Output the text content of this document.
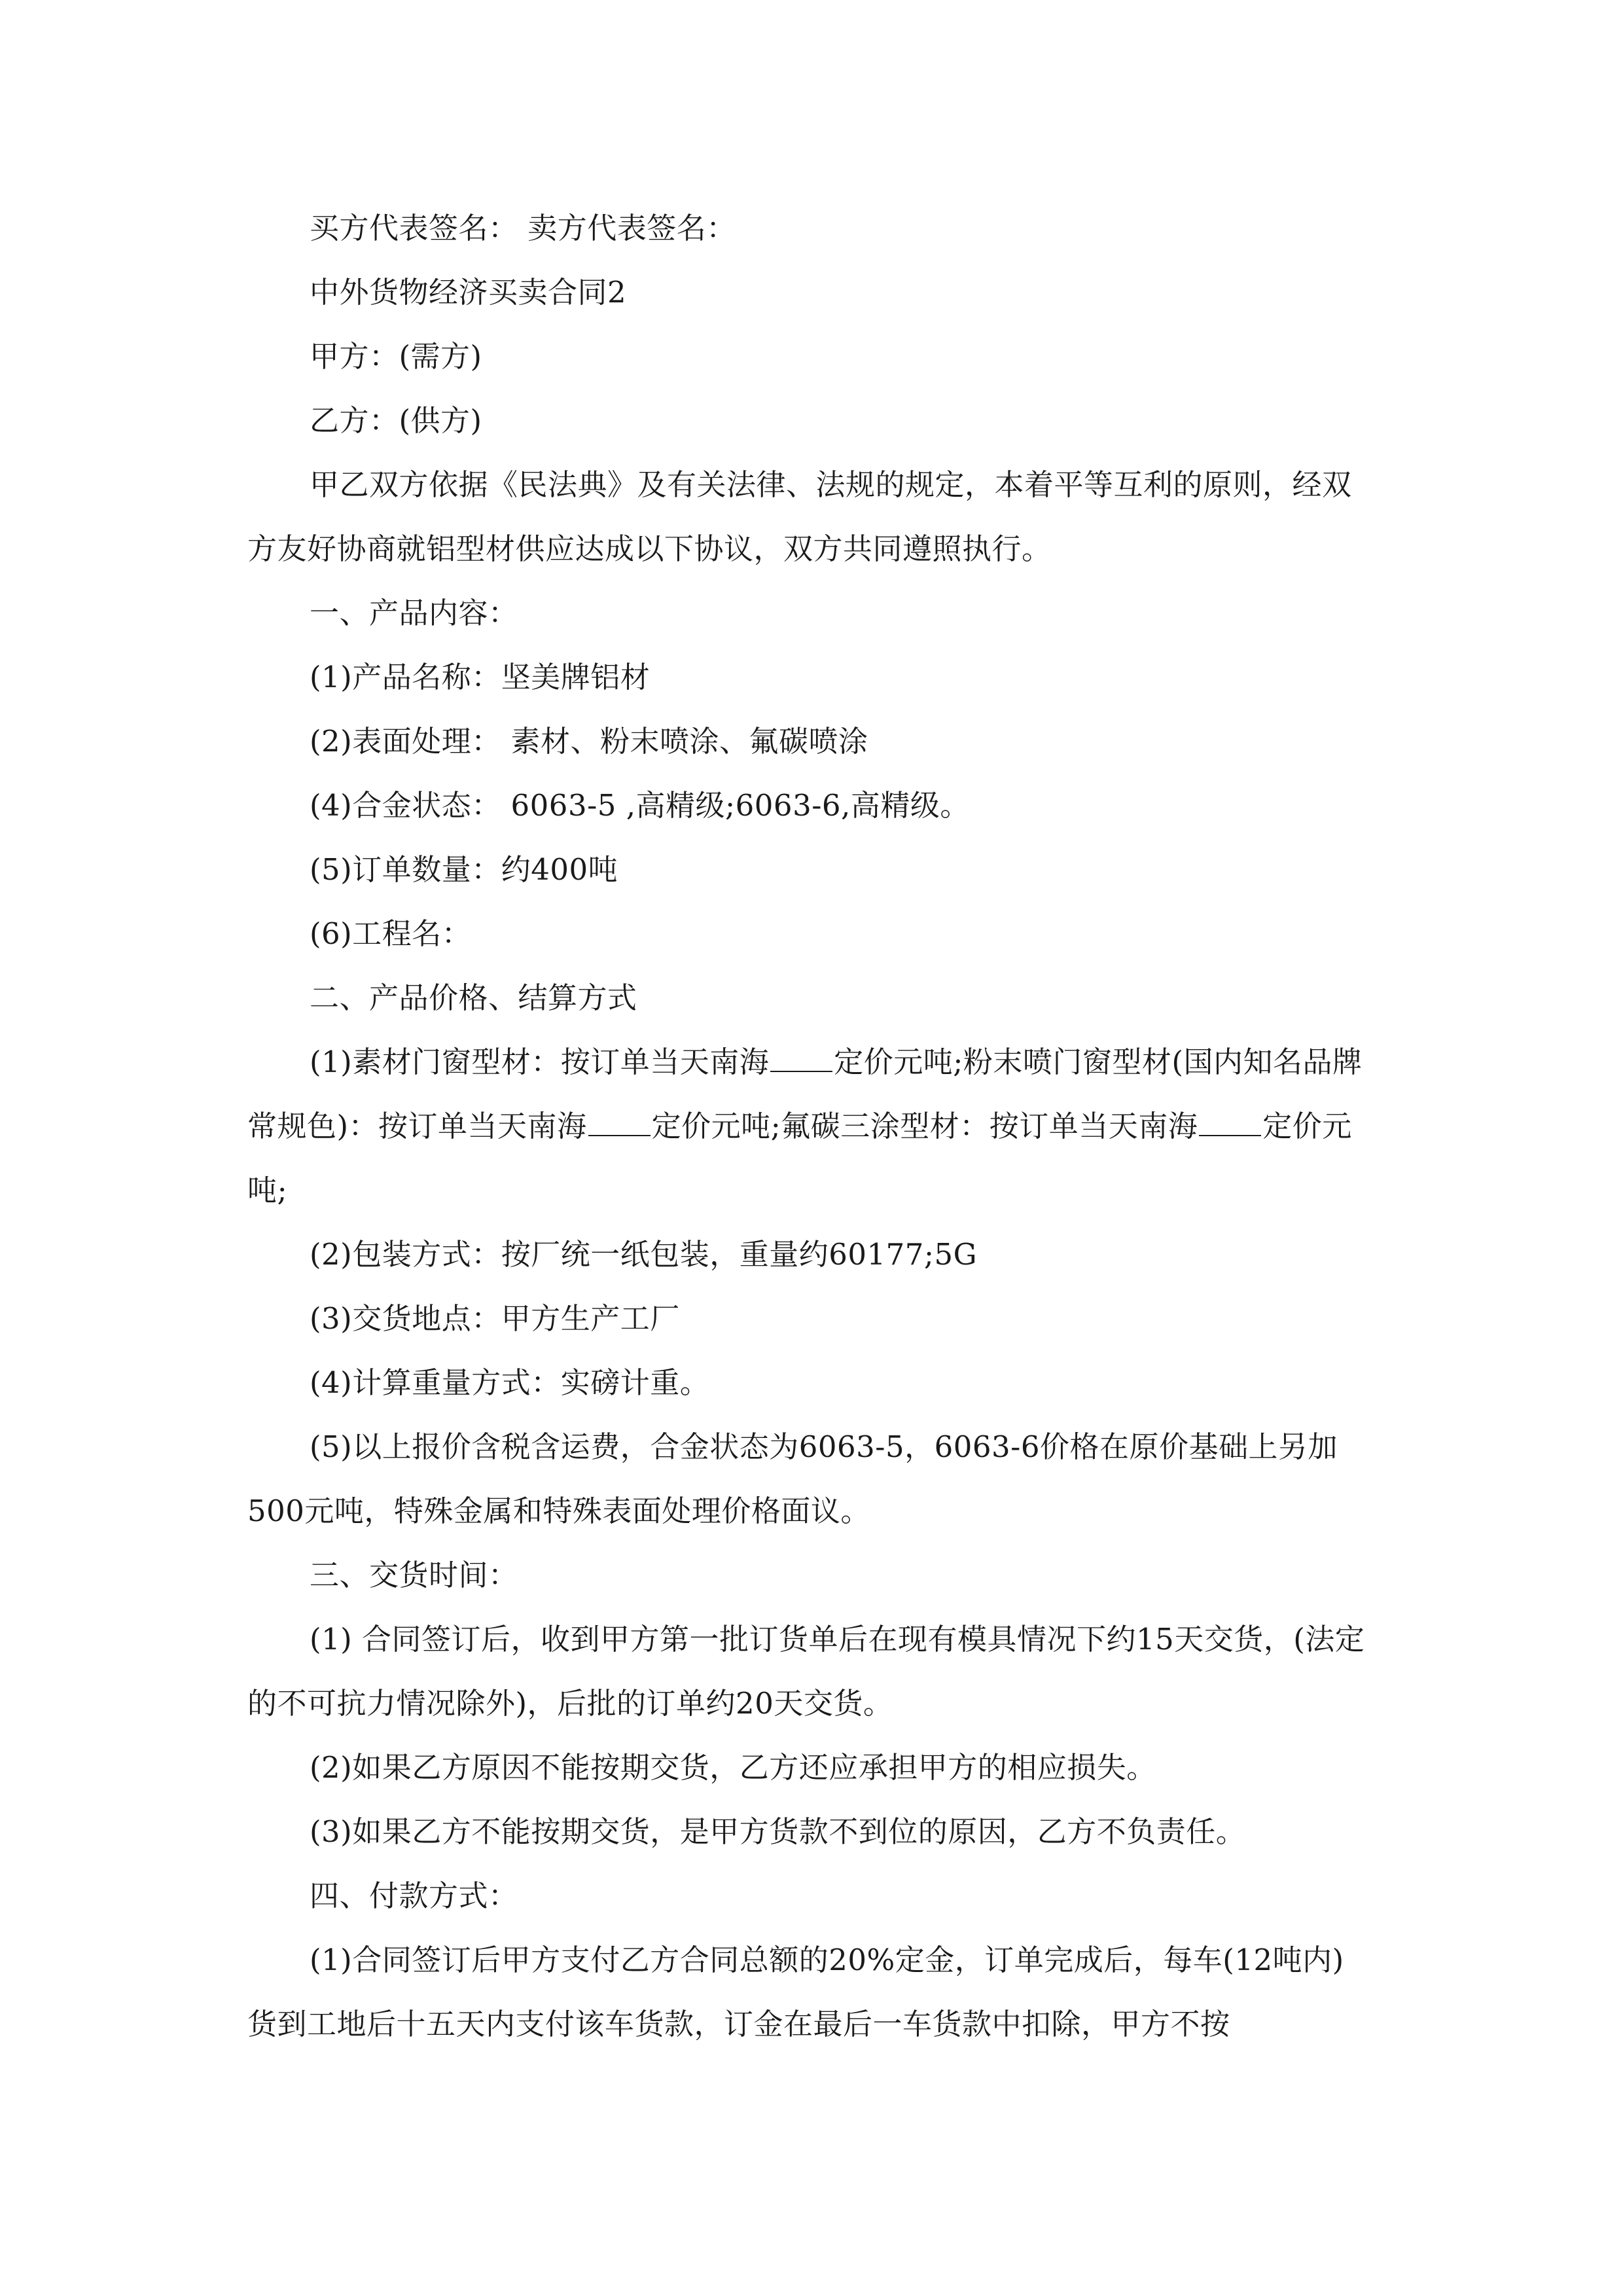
买方代表签名： 卖方代表签名：

中外货物经济买卖合同2

甲方：(需方)

乙方：(供方)

甲乙双方依据《民法典》及有关法律、法规的规定，本着平等互利的原则，经双方友好协商就铝型材供应达成以下协议，双方共同遵照执行。

一、产品内容：

(1)产品名称：坚美牌铝材

(2)表面处理： 素材、粉末喷涂、氟碳喷涂

(4)合金状态： 6063-5 ,高精级;6063-6,高精级。

(5)订单数量：约400吨

(6)工程名：

二、产品价格、结算方式

(1)素材门窗型材：按订单当天南海 定价元吨;粉末喷门窗型材(国内知名品牌常规色)：按订单当天南海 定价元吨;氟碳三涂型材：按订单当天南海 定价元吨;

(2)包装方式：按厂统一纸包装，重量约60177;5G

(3)交货地点：甲方生产工厂

(4)计算重量方式：实磅计重。

(5)以上报价含税含运费，合金状态为6063-5，6063-6价格在原价基础上另加500元吨，特殊金属和特殊表面处理价格面议。

三、交货时间：

(1) 合同签订后，收到甲方第一批订货单后在现有模具情况下约15天交货，(法定的不可抗力情况除外)，后批的订单约20天交货。

(2)如果乙方原因不能按期交货，乙方还应承担甲方的相应损失。

(3)如果乙方不能按期交货，是甲方货款不到位的原因，乙方不负责任。

四、付款方式：

(1)合同签订后甲方支付乙方合同总额的20%定金，订单完成后，每车(12吨内)货到工地后十五天内支付该车货款，订金在最后一车货款中扣除，甲方不按
